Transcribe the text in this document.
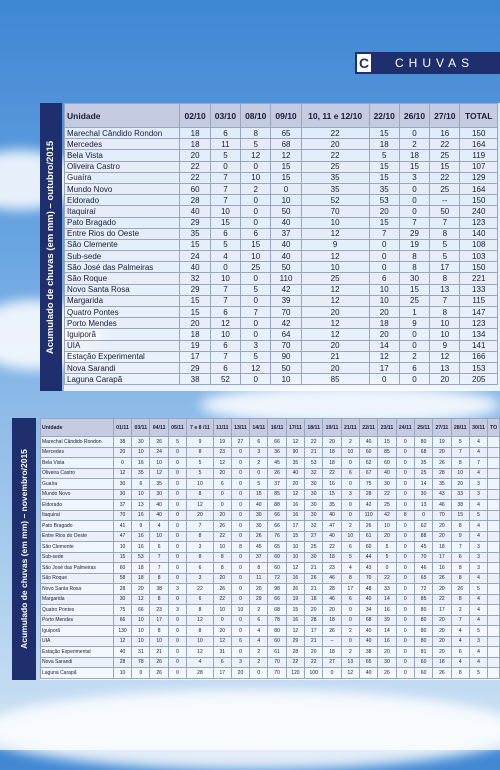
C	CHUVAS
Acumulado de chuvas (em mm) – outubro/2015
Unidade	02/10	03/10	08/10	09/10	10, 11 e 12/10	22/10	26/10	27/10	TOTAL
Marechal Cândido Rondon	18	6	8	65	22	15	0	16	150
Mercedes	18	11	5	68	20	18	2	22	164
Bela Vista	20	5	12	12	22	5	18	25	119
Oliveira Castro	22	0	0	15	25	15	15	15	107
Guaíra	22	7	10	15	35	15	3	22	129
Mundo Novo	60	7	2	0	35	35	0	25	164
Eldorado	28	7	0	10	52	53	0	--	150
Itaquiraí	40	10	0	50	70	20	0	50	240
Pato Bragado	29	15	0	40	10	15	7	7	123
Entre Rios do Oeste	35	6	6	37	12	7	29	8	140
São Clemente	15	5	15	40	9	0	19	5	108
Sub-sede	24	4	10	40	12	0	8	5	103
São José das Palmeiras	40	0	25	50	10	0	8	17	150
São Roque	32	10	0	110	25	6	30	8	221
Novo Santa Rosa	29	7	5	42	12	10	15	13	133
Margarida	15	7	0	39	12	10	25	7	115
Quatro Pontes	15	6	7	70	20	20	1	8	147
Porto Mendes	20	12	0	42	12	18	9	10	123
Iguiporã	18	10	0	64	12	20	0	10	134
UIA	19	6	3	70	20	14	0	9	141
Estação Experimental	17	7	5	90	21	12	2	12	166
Nova Sarandi	29	6	12	50	20	17	6	13	153
Laguna Carapã	38	52	0	10	85	0	0	20	205
Acumulado de chuvas (em mm) – novembro/2015
Unidade	01/11	03/11	04/11	05/11	7 e 8 /11	11/11	13/11	14/11	16/11	17/11	18/11	19/11	21/11	22/11	23/11	24/11	25/11	27/11	28/11	30/11	TO
Marechal Cândido Rondon	38	30	26	5	9	19	27	6	66	12	22	20	2	40	15	0	80	19	5	4	
Mercedes	20	10	24	0	8	23	0	3	36	90	21	18	10	60	85	0	68	20	7	4	
Bela Vista	0	16	10	0	5	12	0	2	45	35	53	18	0	62	60	0	35	26	8	7	
Oliveira Castro	12	35	12	0	5	20	0	0	26	40	32	22	6	67	40	0	25	28	10	4	
Guaíra	30	6	35	0	10	6	0	5	37	20	30	16	0	75	30	0	14	35	20	3	
Mundo Novo	30	10	30	0	8	0	0	15	85	12	30	15	3	28	22	0	30	43	33	3	
Eldorado	37	13	40	0	12	0	0	40	88	16	30	35	0	42	25	0	13	46	38	4	
Itaquiraí	70	16	40	0	20	20	0	30	66	16	30	40	0	110	42	8	0	70	15	5	
Pato Bragado	41	9	4	0	7	26	0	30	66	17	32	47	2	26	10	0	62	20	8	4	
Entre Rios do Oeste	47	16	10	0	8	22	0	26	76	15	27	40	10	61	20	0	88	20	9	4	
São Clemente	10	16	6	0	3	10	8	45	65	10	25	22	6	60	5	0	45	18	7	3	
Sub-sede	15	53	7	0	8	8	0	37	60	10	30	18	5	44	5	0	70	17	6	3	
São José das Palmeiras	60	18	7	0	6	8	0	8	60	12	21	23	4	43	0	0	46	16	8	3	
São Roque	58	18	8	0	3	20	0	11	72	16	26	46	8	70	22	0	65	26	8	4	
Novo Santa Rosa	28	20	38	3	22	26	0	20	98	26	21	28	17	48	33	0	72	20	26	5	
Margarida	30	12	8	0	6	22	0	29	66	19	18	46	6	40	14	0	85	22	8	4	
Quatro Pontes	75	66	23	3	8	10	10	2	68	15	20	20	0	34	16	0	80	17	2	4	
Porto Mendes	66	10	17	0	12	0	0	6	78	16	28	18	0	68	39	0	80	20	7	4	
Iguiporã	130	10	8	0	8	20	0	4	80	12	17	26	2	40	14	0	80	20	4	5	
UIA	12	10	10	0	10	12	6	4	60	29	21	--	0	40	16	0	80	20	4	3	
Estação Experimental	40	31	21	0	12	31	0	2	61	28	20	18	2	38	20	0	81	20	6	4	
Nova Sarandi	28	78	26	0	4	6	3	2	70	22	22	27	13	65	30	0	60	18	4	4	
Laguna Carapã	10	0	26	0	28	17	20	0	70	120	100	0	12	40	26	0	60	26	8	5	
